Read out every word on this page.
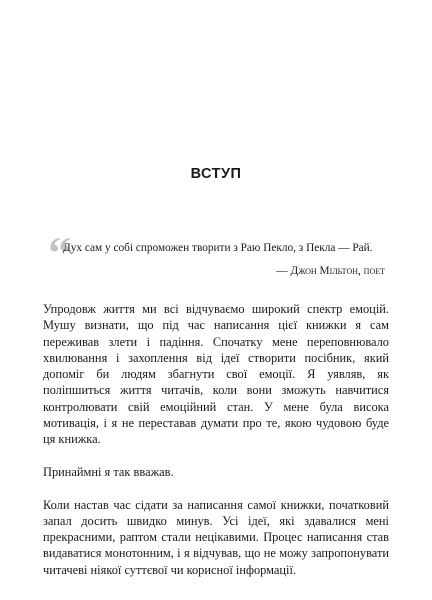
ВСТУП
“
Дух сам у собі спроможен творити з Раю Пекло, з Пекла — Рай.
— Джон Мільтон, поет

Упродовж життя ми всі відчуваємо широкий спектр емоцій. Мушу визнати, що під час написання цієї книжки я сам переживав злети і падіння. Спочатку мене переповнювало хвилювання і захоплення від ідеї створити посібник, який допоміг би людям збагнути свої емоції. Я уявляв, як поліпшиться життя читачів, коли вони зможуть навчитися контролювати свій емоційний стан. У мене була висока мотивація, і я не переставав думати про те, якою чудовою буде ця книжка.

Принаймні я так вважав.

Коли настав час сідати за написання самої книжки, початковий запал досить швидко минув. Усі ідеї, які здавалися мені прекрасними, раптом стали нецікавими. Процес написання став видаватися монотонним, і я відчував, що не можу запропонувати читачеві ніякої суттєвої чи корисної інформації.
